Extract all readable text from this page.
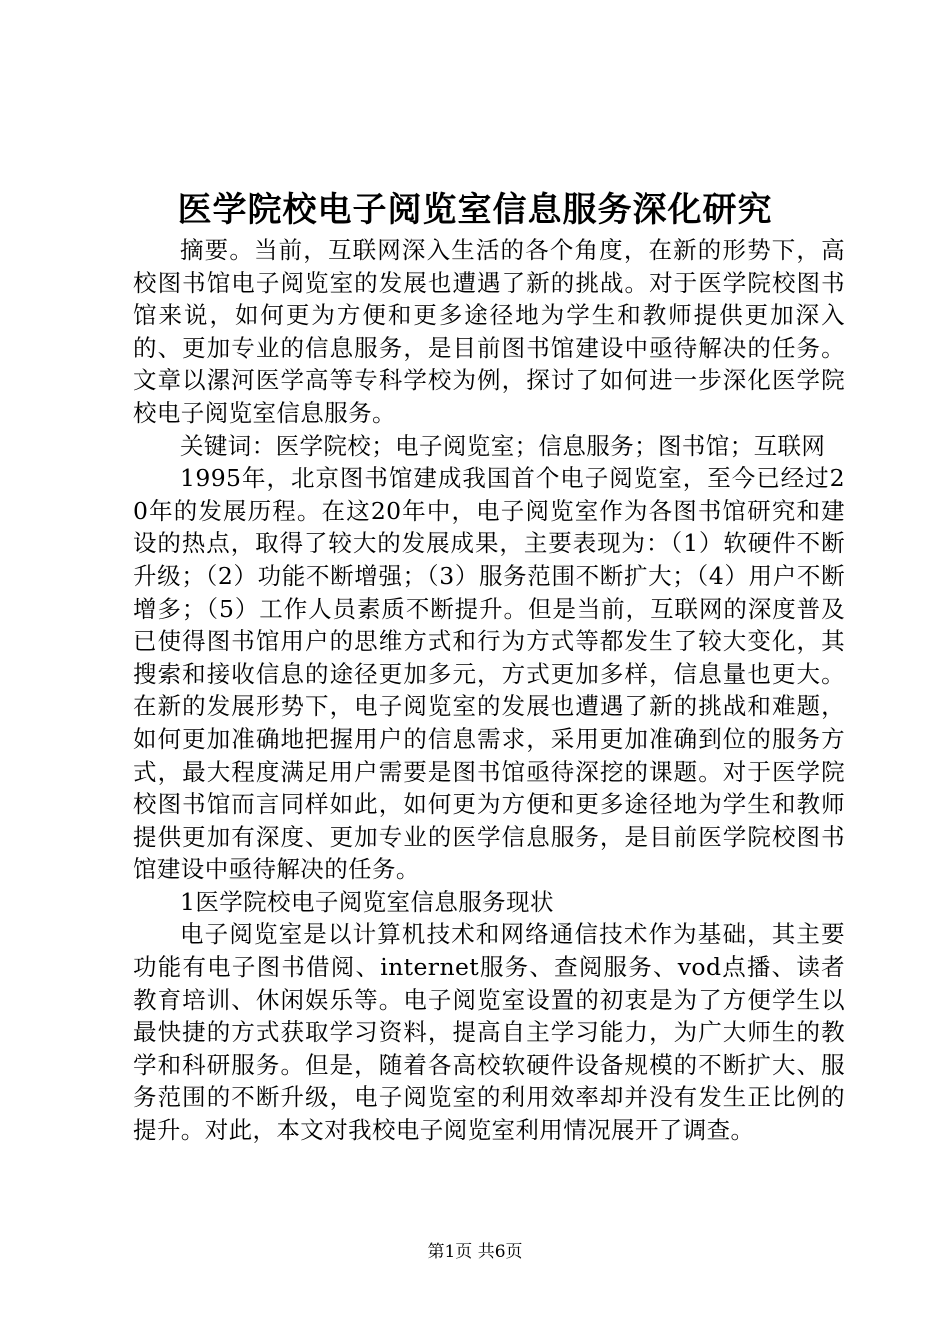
医学院校电子阅览室信息服务深化研究

摘要。当前，互联网深入生活的各个角度，在新的形势下，高校图书馆电子阅览室的发展也遭遇了新的挑战。对于医学院校图书馆来说，如何更为方便和更多途径地为学生和教师提供更加深入的、更加专业的信息服务，是目前图书馆建设中亟待解决的任务。文章以漯河医学高等专科学校为例，探讨了如何进一步深化医学院校电子阅览室信息服务。

关键词：医学院校；电子阅览室；信息服务；图书馆；互联网

1995年，北京图书馆建成我国首个电子阅览室，至今已经过20年的发展历程。在这20年中，电子阅览室作为各图书馆研究和建设的热点，取得了较大的发展成果，主要表现为：（1）软硬件不断升级；（2）功能不断增强；（3）服务范围不断扩大；（4）用户不断增多；（5）工作人员素质不断提升。但是当前，互联网的深度普及已使得图书馆用户的思维方式和行为方式等都发生了较大变化，其搜索和接收信息的途径更加多元，方式更加多样，信息量也更大。在新的发展形势下，电子阅览室的发展也遭遇了新的挑战和难题，如何更加准确地把握用户的信息需求，采用更加准确到位的服务方式，最大程度满足用户需要是图书馆亟待深挖的课题。对于医学院校图书馆而言同样如此，如何更为方便和更多途径地为学生和教师提供更加有深度、更加专业的医学信息服务，是目前医学院校图书馆建设中亟待解决的任务。

1医学院校电子阅览室信息服务现状

电子阅览室是以计算机技术和网络通信技术作为基础，其主要功能有电子图书借阅、internet服务、查阅服务、vod点播、读者教育培训、休闲娱乐等。电子阅览室设置的初衷是为了方便学生以最快捷的方式获取学习资料，提高自主学习能力，为广大师生的教学和科研服务。但是，随着各高校软硬件设备规模的不断扩大、服务范围的不断升级，电子阅览室的利用效率却并没有发生正比例的提升。对此，本文对我校电子阅览室利用情况展开了调查。

第1页 共6页
